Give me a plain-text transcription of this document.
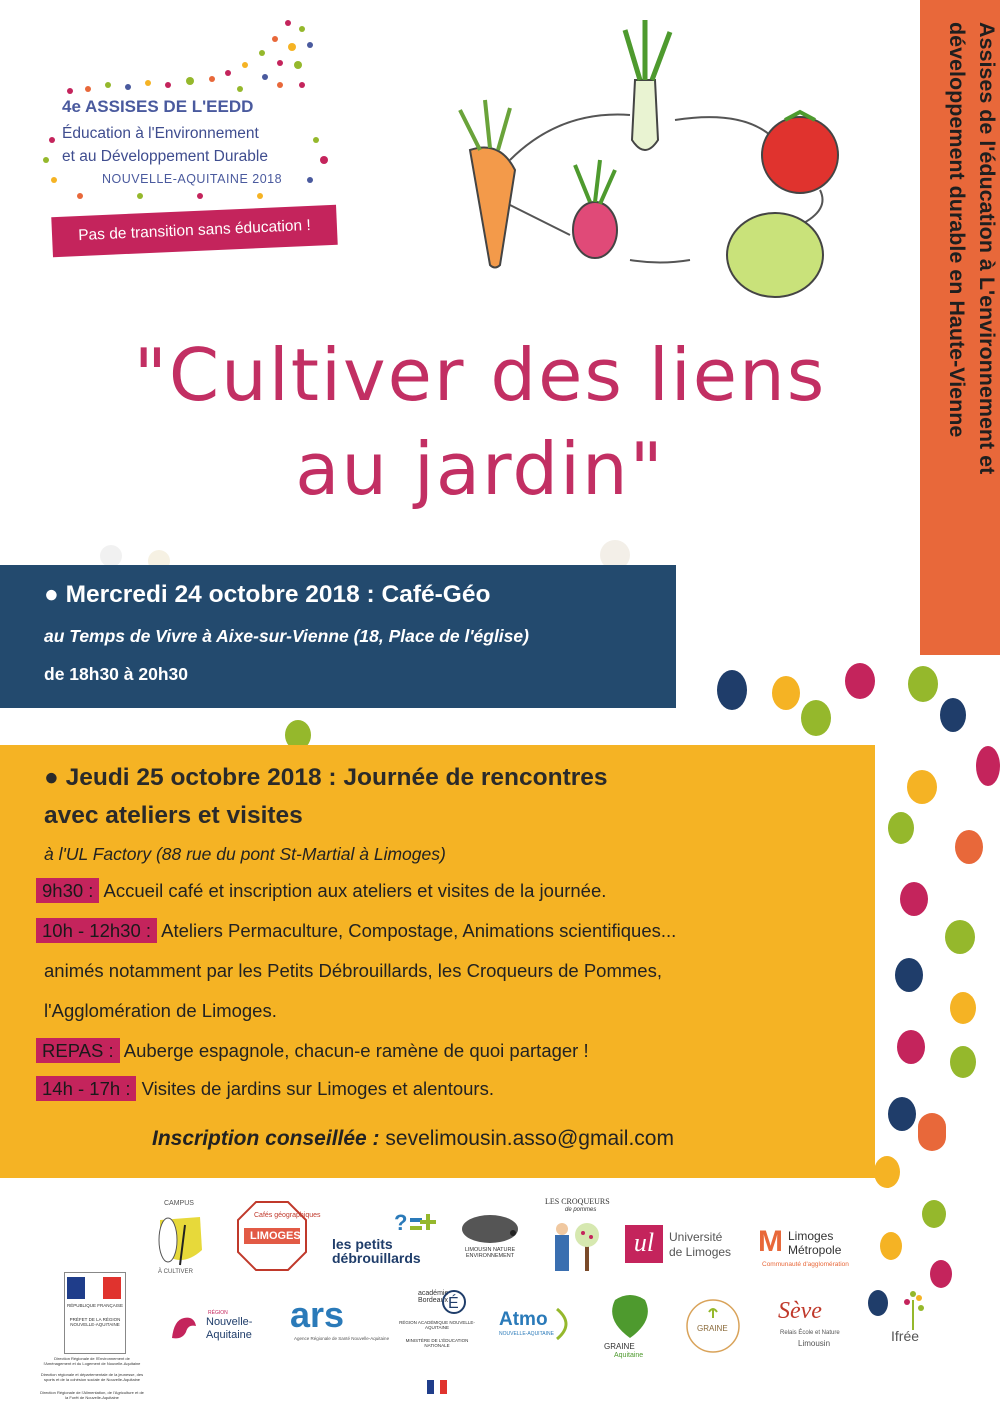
4e ASSISES DE L'EEDD
Éducation à l'Environnement
et au Développement Durable
NOUVELLE-AQUITAINE 2018
Pas de transition sans éducation !	Assises de l'éducation à L'environnement et
développement durable en Haute-Vienne
"Cultiver des liens
au jardin"
● Mercredi 24 octobre 2018 : Café-Géo
au Temps de Vivre à Aixe-sur-Vienne (18, Place de l'église)
de 18h30 à 20h30
● Jeudi 25 octobre 2018 : Journée de rencontres
avec ateliers et visites
à l'UL Factory (88 rue du pont St-Martial à Limoges)
9h30 : Accueil café et inscription aux ateliers et visites de la journée.
10h - 12h30 : Ateliers Permaculture, Compostage, Animations scientifiques...
animés notamment par les Petits Débrouillards, les Croqueurs de Pommes,
l'Agglomération de Limoges.
REPAS : Auberge espagnole, chacun-e ramène de quoi partager !
14h - 17h : Visites de jardins sur Limoges et alentours.
Inscription conseillée : sevelimousin.asso@gmail.com
CAMPUS
À CULTIVER
Cafés géographiques
LIMOGES
?
les petits
débrouillards	LIMOUSIN NATURE ENVIRONNEMENT
LES CROQUEURS
de pommes
ul	Université
de Limoges M Limoges
Métropole
Communauté d'agglomération
RÉPUBLIQUE FRANÇAISE
PRÉFET DE LA RÉGION NOUVELLE-AQUITAINE
Direction Régionale de l'Environnement de l'Aménagement et du Logement de Nouvelle-Aquitaine
Direction régionale et départementale de la jeunesse, des sports et de la cohésion sociale de Nouvelle-Aquitaine
Direction Régionale de l'Alimentation, de l'Agriculture et de la Forêt de Nouvelle-Aquitaine
RÉGION
Nouvelle-
Aquitaine ars
Agence Régionale de Santé Nouvelle-Aquitaine
académie Bordeaux É
RÉGION ACADÉMIQUE NOUVELLE-AQUITAINE
MINISTÈRE DE L'ÉDUCATION NATIONALE
Atmo
NOUVELLE-AQUITAINE
GRAINE
Aquitaine
GRAINE
Sève
Relais École et Nature
Limousin	Ifrée
